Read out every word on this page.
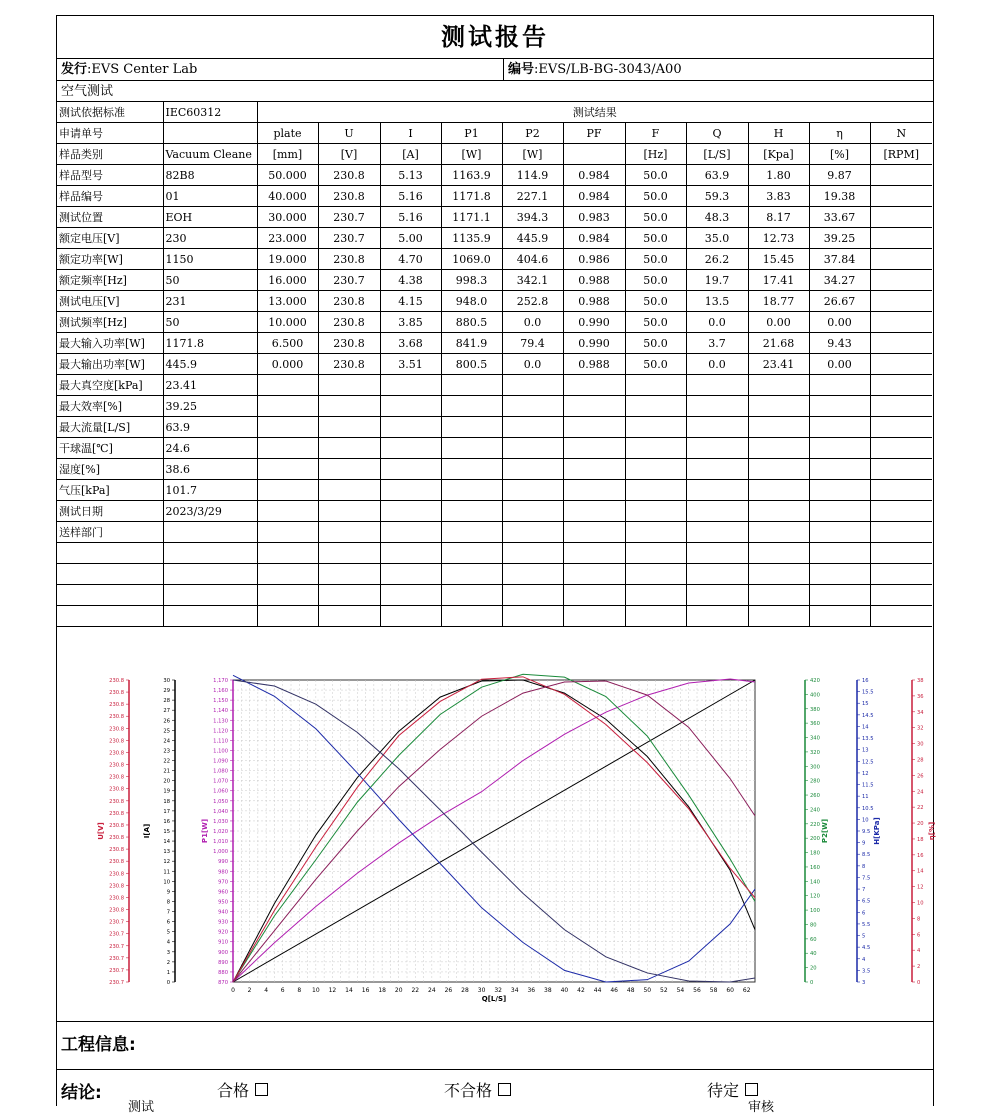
测试报告
发行:EVS Center Lab	编号:EVS/LB-BG-3043/A00
空气测试
测试依据标准	IEC60312	测试结果										
申请单号		plate	U	I	P1	P2	PF	F	Q	H	η	N
样品类别	Vacuum Cleane	[mm]	[V]	[A]	[W]	[W]		[Hz]	[L/S]	[Kpa]	[%]	[RPM]
样品型号	82B8	50.000	230.8	5.13	1163.9	114.9	0.984	50.0	63.9	1.80	9.87	
样品编号	01	40.000	230.8	5.16	1171.8	227.1	0.984	50.0	59.3	3.83	19.38	
测试位置	EOH	30.000	230.7	5.16	1171.1	394.3	0.983	50.0	48.3	8.17	33.67	
额定电压[V]	230	23.000	230.7	5.00	1135.9	445.9	0.984	50.0	35.0	12.73	39.25	
额定功率[W]	1150	19.000	230.8	4.70	1069.0	404.6	0.986	50.0	26.2	15.45	37.84	
额定频率[Hz]	50	16.000	230.7	4.38	998.3	342.1	0.988	50.0	19.7	17.41	34.27	
测试电压[V]	231	13.000	230.8	4.15	948.0	252.8	0.988	50.0	13.5	18.77	26.67	
测试频率[Hz]	50	10.000	230.8	3.85	880.5	0.0	0.990	50.0	0.0	0.00	0.00	
最大输入功率[W]	1171.8	6.500	230.8	3.68	841.9	79.4	0.990	50.0	3.7	21.68	9.43	
最大输出功率[W]	445.9	0.000	230.8	3.51	800.5	0.0	0.988	50.0	0.0	23.41	0.00	
最大真空度[kPa]	23.41											
最大效率[%]	39.25											
最大流量[L/S]	63.9											
干球温[℃]	24.6											
湿度[%]	38.6											
气压[kPa]	101.7											
测试日期	2023/3/29											
送样部门												

0 2 4 6 8 10 12 14 16 18 20 22 24 26 28 30 32 34 36 38 40 42 44 46 48 50 52 54 56 58 60 62
Q[L/S]
230.8
230.8
230.8
230.8
230.8
230.8
230.8
230.8
230.8
230.8
230.8
230.8
230.8
230.8
230.8
230.8
230.8
230.8
230.8
230.8
230.7
230.7
230.7
230.7
230.7
230.7
U[V]
30
29
28
27
26
25
24
23
22
21
20
19
18
17
16
15
14
13
12
11
10
9
8
7
6
5
4
3
2
1
0
I[A]
1,170
1,160
1,150
1,140
1,130
1,120
1,110
1,100
1,090
1,080
1,070
1,060
1,050
1,040
1,030
1,020
1,010
1,000
990
980
970
960
950
940
930
920
910
900
890
880
870
P1[W]
420
400
380
360
340
320
300
280
260
240
220
200
180
160
140
120
100
80
60
40
20
0
P2[W]
16
15.5
15
14.5
14
13.5
13
12.5
12
11.5
11
10.5
10
9.5
9
8.5
8
7.5
7
6.5
6
5.5
5
4.5
4
3.5
3
H[KPa]
38
36
34
32
30
28
26
24
22
20
18
16
14
12
10
8
6
4
2
0
η[%]
工程信息:
结论:	合格	不合格	待定
测试	审核
